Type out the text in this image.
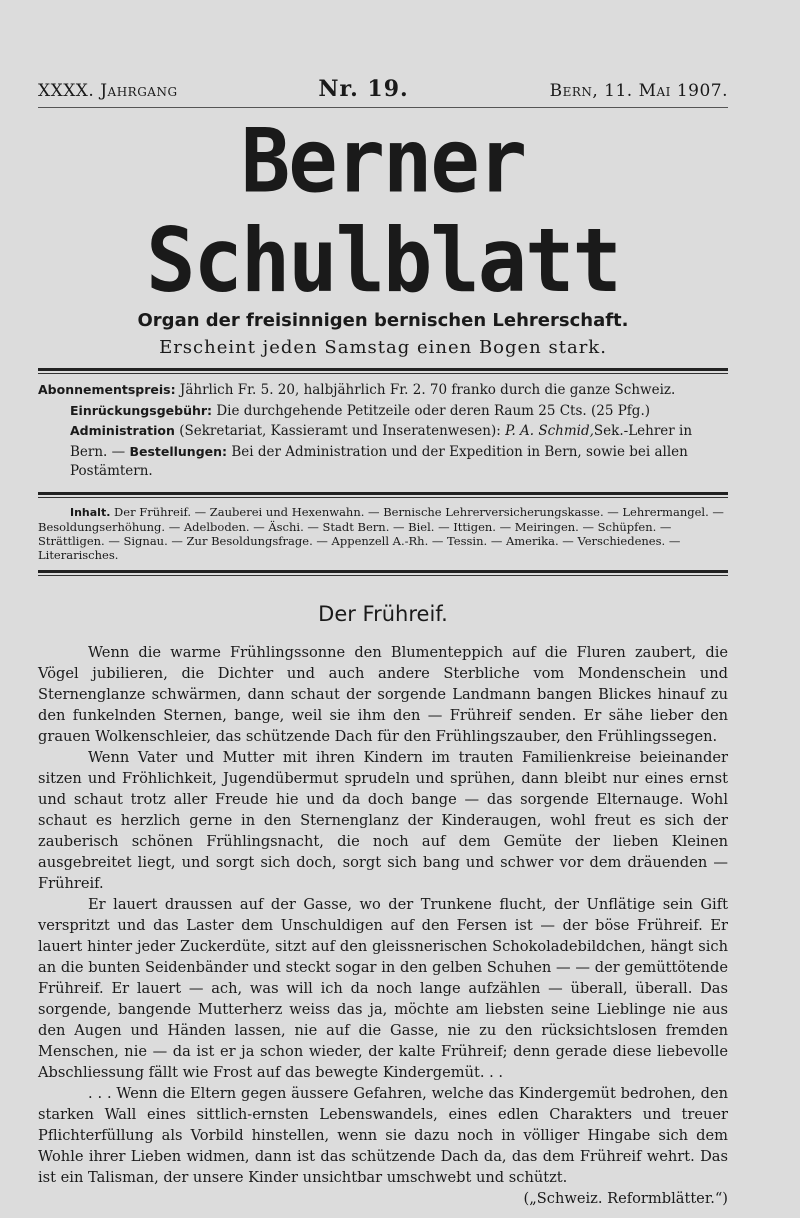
XXXX. Jahrgang	Nr. 19.	Bern, 11. Mai 1907.
Berner Schulblatt
Organ der freisinnigen bernischen Lehrerschaft.
Erscheint jeden Samstag einen Bogen stark.

Abonnementspreis: Jährlich Fr. 5. 20, halbjährlich Fr. 2. 70 franko durch die ganze Schweiz.

Einrückungsgebühr: Die durchgehende Petitzeile oder deren Raum 25 Cts. (25 Pfg.)

Administration (Sekretariat, Kassieramt und Inseratenwesen): P. A. Schmid,Sek.-Lehrer in Bern. — Bestellungen: Bei der Administration und der Expedition in Bern, sowie bei allen Postämtern.

Inhalt. Der Frühreif. — Zauberei und Hexenwahn. — Bernische Lehrerversicherungskasse. — Lehrermangel. — Besoldungserhöhung. — Adelboden. — Äschi. — Stadt Bern. — Biel. — Ittigen. — Meiringen. — Schüpfen. — Strättligen. — Signau. — Zur Besoldungsfrage. — Appenzell A.-Rh. — Tessin. — Amerika. — Verschiedenes. — Literarisches.
Der Frühreif.

Wenn die warme Frühlingssonne den Blumenteppich auf die Fluren zaubert, die Vögel jubilieren, die Dichter und auch andere Sterbliche vom Mondenschein und Sternenglanze schwärmen, dann schaut der sorgende Landmann bangen Blickes hinauf zu den funkelnden Sternen, bange, weil sie ihm den — Frühreif senden. Er sähe lieber den grauen Wolkenschleier, das schützende Dach für den Frühlingszauber, den Frühlingssegen.

Wenn Vater und Mutter mit ihren Kindern im trauten Familienkreise beieinander sitzen und Fröhlichkeit, Jugendübermut sprudeln und sprühen, dann bleibt nur eines ernst und schaut trotz aller Freude hie und da doch bange — das sorgende Elternauge. Wohl schaut es herzlich gerne in den Sternenglanz der Kinderaugen, wohl freut es sich der zauberisch schönen Frühlingsnacht, die noch auf dem Gemüte der lieben Kleinen ausgebreitet liegt, und sorgt sich doch, sorgt sich bang und schwer vor dem dräuenden — Frühreif.

Er lauert draussen auf der Gasse, wo der Trunkene flucht, der Unflätige sein Gift verspritzt und das Laster dem Unschuldigen auf den Fersen ist — der böse Frühreif. Er lauert hinter jeder Zuckerdüte, sitzt auf den gleissnerischen Schokoladebildchen, hängt sich an die bunten Seidenbänder und steckt sogar in den gelben Schuhen — — der gemüttötende Frühreif. Er lauert — ach, was will ich da noch lange aufzählen — überall, überall. Das sorgende, bangende Mutterherz weiss das ja, möchte am liebsten seine Lieblinge nie aus den Augen und Händen lassen, nie auf die Gasse, nie zu den rücksichtslosen fremden Menschen, nie — da ist er ja schon wieder, der kalte Frühreif; denn gerade diese liebevolle Abschliessung fällt wie Frost auf das bewegte Kindergemüt. . .

. . . Wenn die Eltern gegen äussere Gefahren, welche das Kindergemüt bedrohen, den starken Wall eines sittlich-ernsten Lebenswandels, eines edlen Charakters und treuer Pflichterfüllung als Vorbild hinstellen, wenn sie dazu noch in völliger Hingabe sich dem Wohle ihrer Lieben widmen, dann ist das schützende Dach da, das dem Frühreif wehrt. Das ist ein Talisman, der unsere Kinder unsichtbar umschwebt und schützt.
(„Schweiz. Reformblätter.“)
